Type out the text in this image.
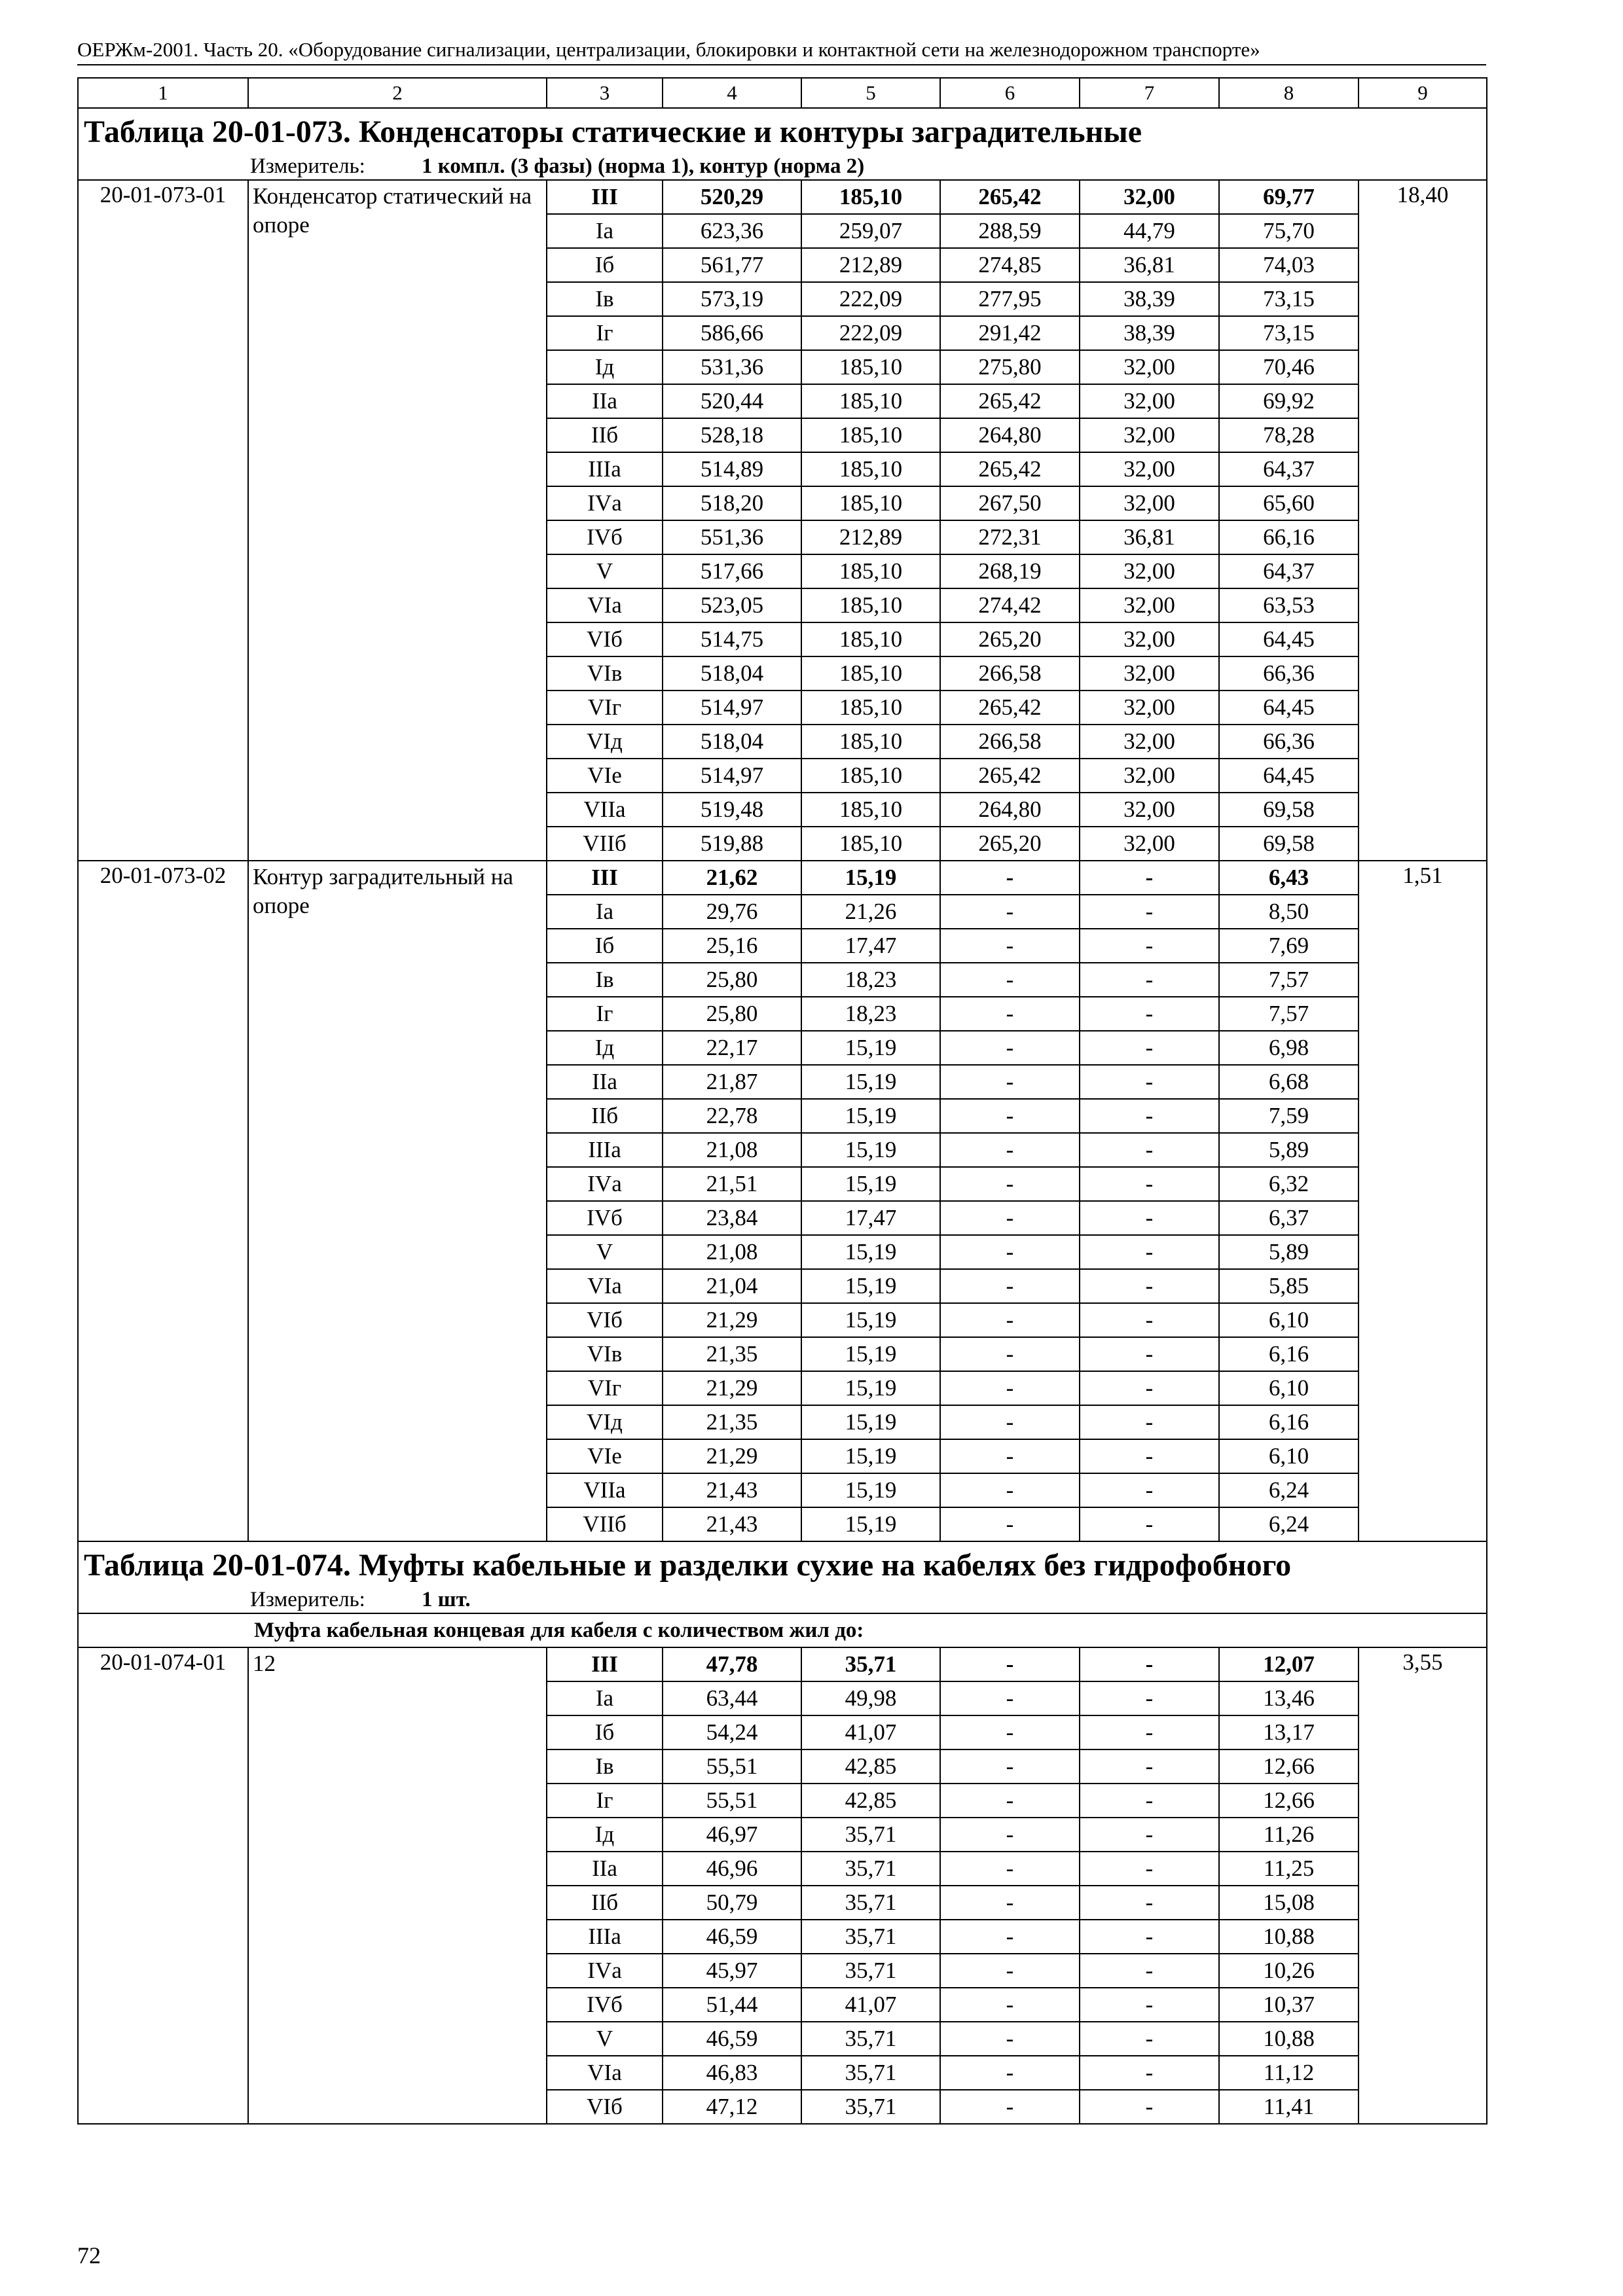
ОЕРЖм-2001. Часть 20. «Оборудование сигнализации, централизации, блокировки и контактной сети на железнодорожном транспорте»
1	2	3	4	5	6	7	8	9
Таблица 20-01-073. Конденсаторы статические и контуры заградительные								
Измеритель: 1 компл. (3 фазы) (норма 1), контур (норма 2)								
20-01-073-01	Конденсатор статический на опоре	III	520,29	185,10	265,42	32,00	69,77	18,40
		Iа	623,36	259,07	288,59	44,79	75,70	
		Iб	561,77	212,89	274,85	36,81	74,03	
		Iв	573,19	222,09	277,95	38,39	73,15	
		Iг	586,66	222,09	291,42	38,39	73,15	
		Iд	531,36	185,10	275,80	32,00	70,46	
		IIа	520,44	185,10	265,42	32,00	69,92	
		IIб	528,18	185,10	264,80	32,00	78,28	
		IIIа	514,89	185,10	265,42	32,00	64,37	
		IVа	518,20	185,10	267,50	32,00	65,60	
		IVб	551,36	212,89	272,31	36,81	66,16	
		V	517,66	185,10	268,19	32,00	64,37	
		VIа	523,05	185,10	274,42	32,00	63,53	
		VIб	514,75	185,10	265,20	32,00	64,45	
		VIв	518,04	185,10	266,58	32,00	66,36	
		VIг	514,97	185,10	265,42	32,00	64,45	
		VIд	518,04	185,10	266,58	32,00	66,36	
		VIе	514,97	185,10	265,42	32,00	64,45	
		VIIа	519,48	185,10	264,80	32,00	69,58	
		VIIб	519,88	185,10	265,20	32,00	69,58	
20-01-073-02	Контур заградительный на опоре	III	21,62	15,19	-	-	6,43	1,51
		Iа	29,76	21,26	-	-	8,50	
		Iб	25,16	17,47	-	-	7,69	
		Iв	25,80	18,23	-	-	7,57	
		Iг	25,80	18,23	-	-	7,57	
		Iд	22,17	15,19	-	-	6,98	
		IIа	21,87	15,19	-	-	6,68	
		IIб	22,78	15,19	-	-	7,59	
		IIIа	21,08	15,19	-	-	5,89	
		IVа	21,51	15,19	-	-	6,32	
		IVб	23,84	17,47	-	-	6,37	
		V	21,08	15,19	-	-	5,89	
		VIа	21,04	15,19	-	-	5,85	
		VIб	21,29	15,19	-	-	6,10	
		VIв	21,35	15,19	-	-	6,16	
		VIг	21,29	15,19	-	-	6,10	
		VIд	21,35	15,19	-	-	6,16	
		VIе	21,29	15,19	-	-	6,10	
		VIIа	21,43	15,19	-	-	6,24	
		VIIб	21,43	15,19	-	-	6,24	
Таблица 20-01-074. Муфты кабельные и разделки сухие на кабелях без гидрофобного								
Измеритель: 1 шт.								
Муфта кабельная концевая для кабеля с количеством жил до:								
20-01-074-01	12	III	47,78	35,71	-	-	12,07	3,55
		Iа	63,44	49,98	-	-	13,46	
		Iб	54,24	41,07	-	-	13,17	
		Iв	55,51	42,85	-	-	12,66	
		Iг	55,51	42,85	-	-	12,66	
		Iд	46,97	35,71	-	-	11,26	
		IIа	46,96	35,71	-	-	11,25	
		IIб	50,79	35,71	-	-	15,08	
		IIIа	46,59	35,71	-	-	10,88	
		IVа	45,97	35,71	-	-	10,26	
		IVб	51,44	41,07	-	-	10,37	
		V	46,59	35,71	-	-	10,88	
		VIа	46,83	35,71	-	-	11,12	
		VIб	47,12	35,71	-	-	11,41	
72
